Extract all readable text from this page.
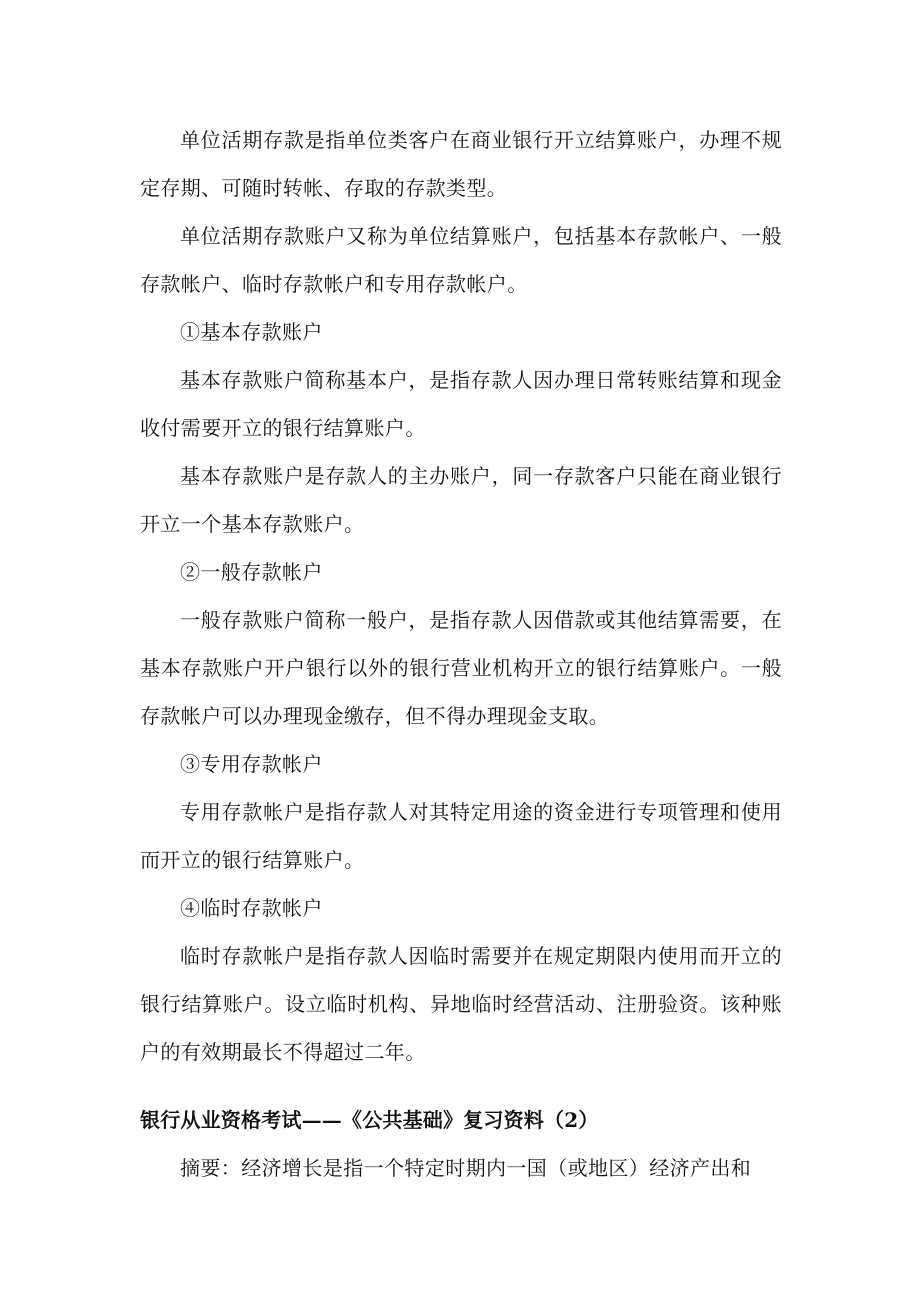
单位活期存款是指单位类客户在商业银行开立结算账户，办理不规定存期、可随时转帐、存取的存款类型。

单位活期存款账户又称为单位结算账户，包括基本存款帐户、一般存款帐户、临时存款帐户和专用存款帐户。

①基本存款账户

基本存款账户简称基本户，是指存款人因办理日常转账结算和现金收付需要开立的银行结算账户。

基本存款账户是存款人的主办账户，同一存款客户只能在商业银行开立一个基本存款账户。

②一般存款帐户

一般存款账户简称一般户，是指存款人因借款或其他结算需要，在基本存款账户开户银行以外的银行营业机构开立的银行结算账户。一般存款帐户可以办理现金缴存，但不得办理现金支取。

③专用存款帐户

专用存款帐户是指存款人对其特定用途的资金进行专项管理和使用而开立的银行结算账户。

④临时存款帐户

临时存款帐户是指存款人因临时需要并在规定期限内使用而开立的银行结算账户。设立临时机构、异地临时经营活动、注册验资。该种账户的有效期最长不得超过二年。

银行从业资格考试——《公共基础》复习资料（2）

摘要：经济增长是指一个特定时期内一国（或地区）经济产出和
